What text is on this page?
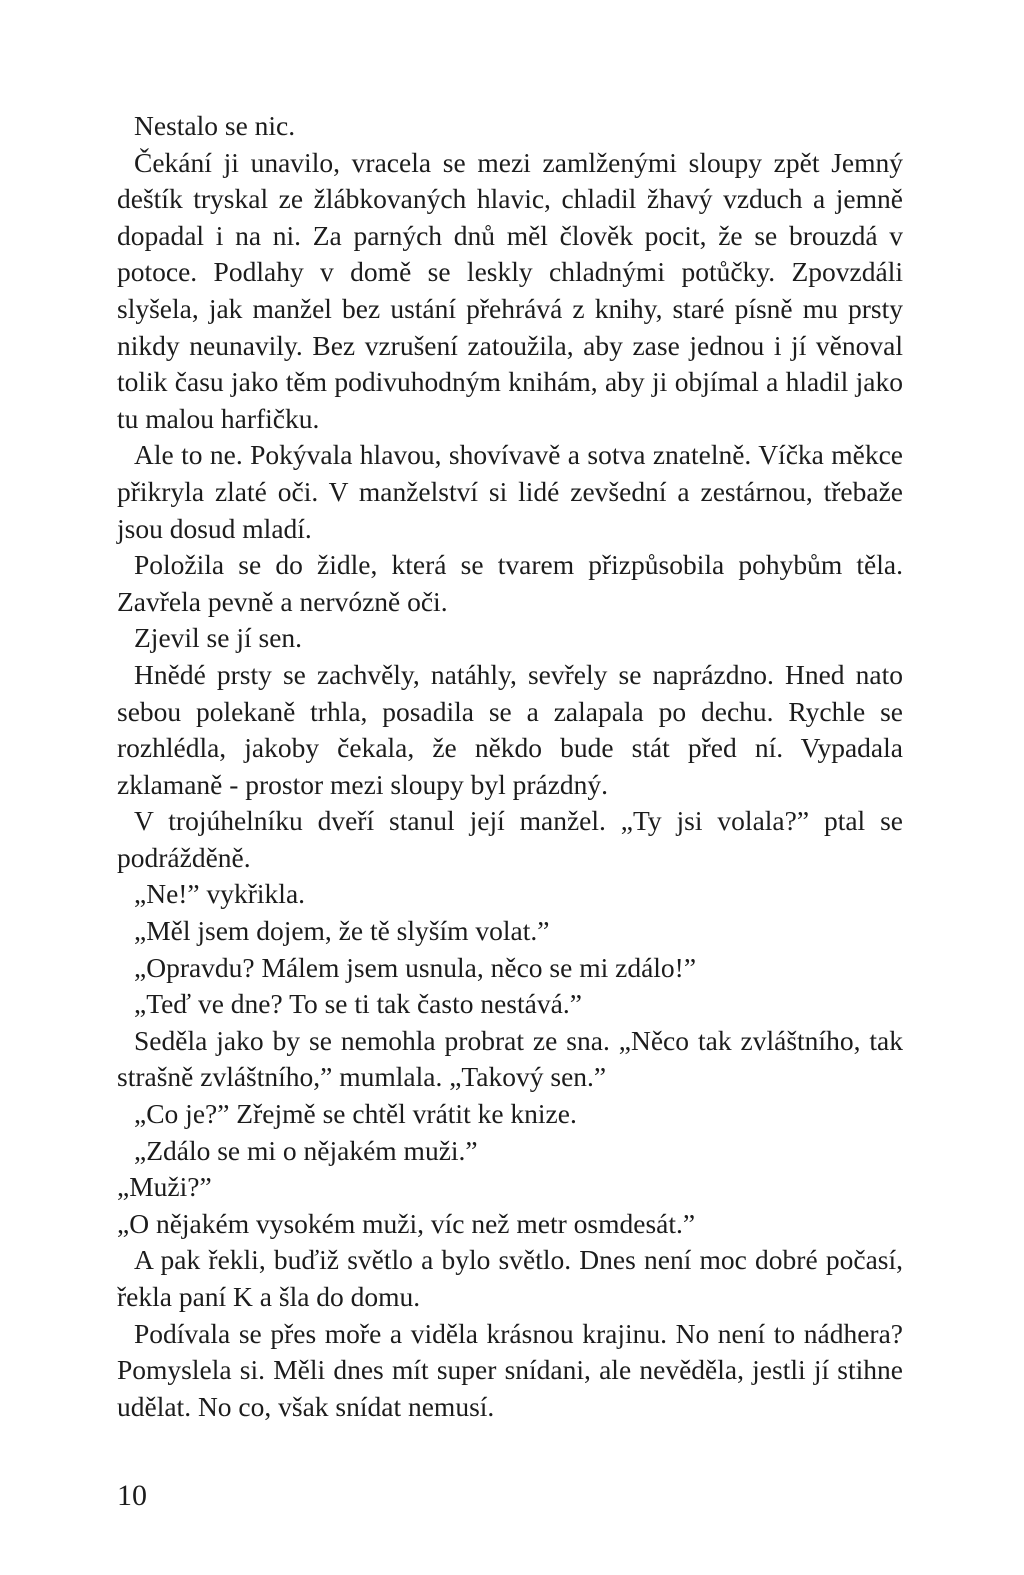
Nestalo se nic.

Čekání ji unavilo, vracela se mezi zamlženými sloupy zpět Jemný deštík tryskal ze žlábkovaných hlavic, chladil žhavý vzduch a jemně dopadal i na ni. Za parných dnů měl člověk pocit, že se brouzdá v potoce. Podlahy v domě se leskly chladnými potůčky. Zpovzdáli slyšela, jak manžel bez ustání přehrává z knihy, staré písně mu prsty nikdy neunavily. Bez vzrušení zatoužila, aby zase jednou i jí věnoval tolik času jako těm podivuhodným knihám, aby ji objímal a hladil jako tu malou harfičku.

Ale to ne. Pokývala hlavou, shovívavě a sotva znatelně. Víčka měkce přikryla zlaté oči. V manželství si lidé zevšední a zestárnou, třebaže jsou dosud mladí.

Položila se do židle, která se tvarem přizpůsobila pohybům těla. Zavřela pevně a nervózně oči.

Zjevil se jí sen.

Hnědé prsty se zachvěly, natáhly, sevřely se naprázdno. Hned nato sebou polekaně trhla, posadila se a zalapala po dechu. Rychle se rozhlédla, jakoby čekala, že někdo bude stát před ní. Vypadala zklamaně - prostor mezi sloupy byl prázdný.

V trojúhelníku dveří stanul její manžel. „Ty jsi volala?” ptal se podrážděně.

„Ne!” vykřikla.

„Měl jsem dojem, že tě slyším volat.”

„Opravdu? Málem jsem usnula, něco se mi zdálo!”

„Teď ve dne? To se ti tak často nestává.”

Seděla jako by se nemohla probrat ze sna. „Něco tak zvláštního, tak strašně zvláštního,” mumlala. „Takový sen.”

„Co je?” Zřejmě se chtěl vrátit ke knize.

„Zdálo se mi o nějakém muži.”

„Muži?”

„O nějakém vysokém muži, víc než metr osmdesát.”

A pak řekli, buďiž světlo a bylo světlo. Dnes není moc dobré počasí, řekla paní K a šla do domu.

Podívala se přes moře a viděla krásnou krajinu. No není to nádhera? Pomyslela si. Měli dnes mít super snídani, ale nevěděla, jestli jí stihne udělat. No co, však snídat nemusí.

10
